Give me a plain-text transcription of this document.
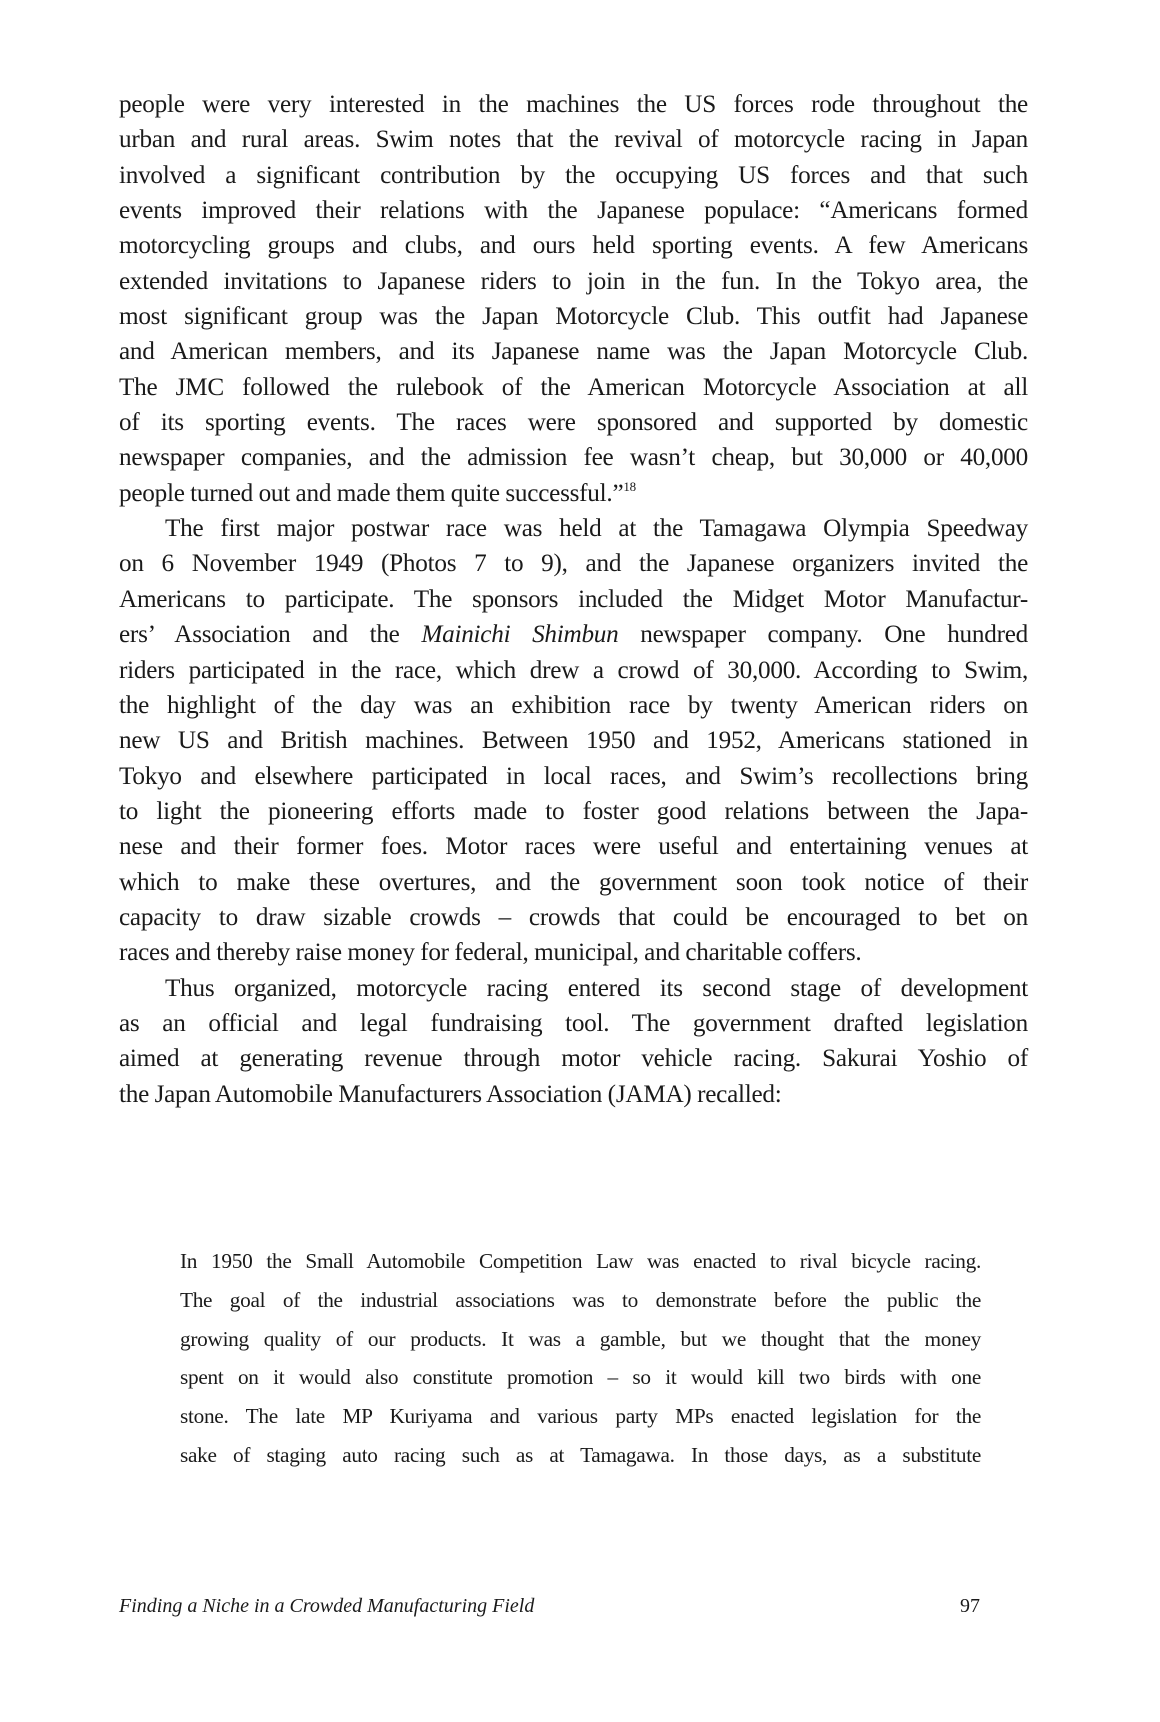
people were very interested in the machines the US forces rode throughout the
urban and rural areas. Swim notes that the revival of motorcycle racing in Japan
involved a significant contribution by the occupying US forces and that such
events improved their relations with the Japanese populace: “Americans formed
motorcycling groups and clubs, and ours held sporting events. A few Americans
extended invitations to Japanese riders to join in the fun. In the Tokyo area, the
most significant group was the Japan Motorcycle Club. This outfit had Japanese
and American members, and its Japanese name was the Japan Motorcycle Club.
The JMC followed the rulebook of the American Motorcycle Association at all
of its sporting events. The races were sponsored and supported by domestic
newspaper companies, and the admission fee wasn’t cheap, but 30,000 or 40,000
people turned out and made them quite successful.”$^{18}$

The first major postwar race was held at the Tamagawa Olympia Speedway
on 6 November 1949 (Photos 7 to 9), and the Japanese organizers invited the
Americans to participate. The sponsors included the Midget Motor Manufactur-
ers’ Association and the Mainichi Shimbun newspaper company. One hundred
riders participated in the race, which drew a crowd of 30,000. According to Swim,
the highlight of the day was an exhibition race by twenty American riders on
new US and British machines. Between 1950 and 1952, Americans stationed in
Tokyo and elsewhere participated in local races, and Swim’s recollections bring
to light the pioneering efforts made to foster good relations between the Japa-
nese and their former foes. Motor races were useful and entertaining venues at
which to make these overtures, and the government soon took notice of their
capacity to draw sizable crowds – crowds that could be encouraged to bet on
races and thereby raise money for federal, municipal, and charitable coffers.

Thus organized, motorcycle racing entered its second stage of development
as an official and legal fundraising tool. The government drafted legislation
aimed at generating revenue through motor vehicle racing. Sakurai Yoshio of
the Japan Automobile Manufacturers Association (JAMA) recalled:

In 1950 the Small Automobile Competition Law was enacted to rival bicycle racing.
The goal of the industrial associations was to demonstrate before the public the
growing quality of our products. It was a gamble, but we thought that the money
spent on it would also constitute promotion – so it would kill two birds with one
stone. The late MP Kuriyama and various party MPs enacted legislation for the
sake of staging auto racing such as at Tamagawa. In those days, as a substitute
Finding a Niche in a Crowded Manufacturing Field	97
